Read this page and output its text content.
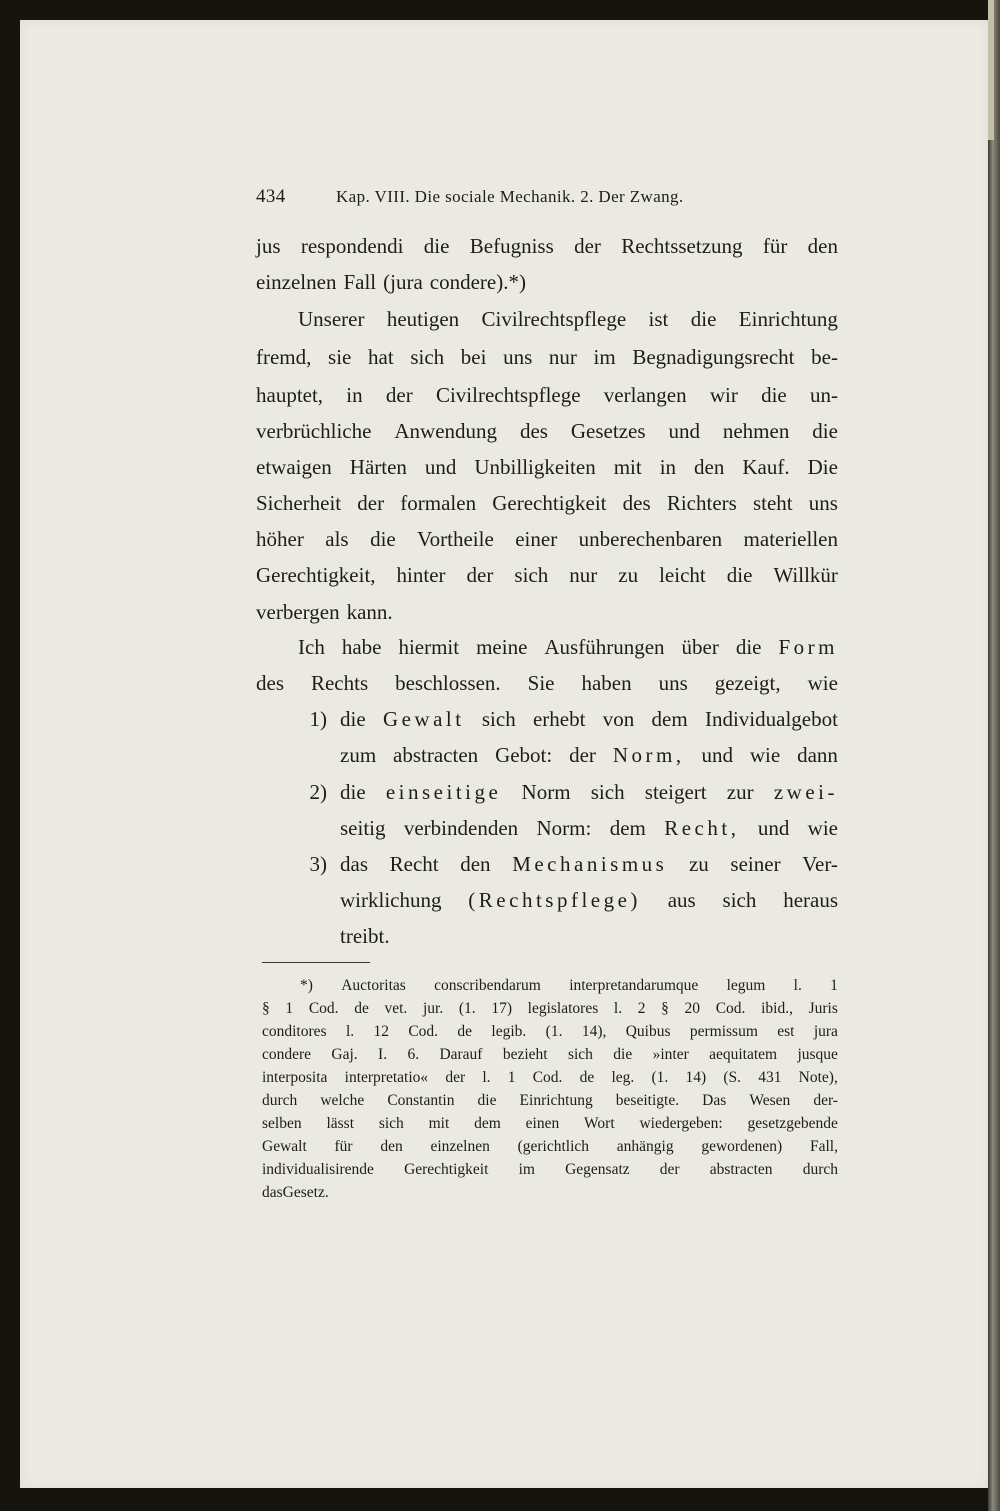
434	Kap. VIII. Die sociale Mechanik. 2. Der Zwang.
jus respondendi die Befugniss der Rechtssetzung für den
einzelnen Fall (jura condere).*)
Unserer heutigen Civilrechtspflege ist die Einrichtung
fremd, sie hat sich bei uns nur im Begnadigungsrecht be-
hauptet, in der Civilrechtspflege verlangen wir die un-
verbrüchliche Anwendung des Gesetzes und nehmen die
etwaigen Härten und Unbilligkeiten mit in den Kauf. Die
Sicherheit der formalen Gerechtigkeit des Richters steht uns
höher als die Vortheile einer unberechenbaren materiellen
Gerechtigkeit, hinter der sich nur zu leicht die Willkür
verbergen kann.
Ich habe hiermit meine Ausführungen über die Form
des Rechts beschlossen. Sie haben uns gezeigt, wie
1)
2)
3)
die Gewalt sich erhebt von dem Individualgebot
zum abstracten Gebot: der Norm, und wie dann
die einseitige Norm sich steigert zur zwei-
seitig verbindenden Norm: dem Recht, und wie
das Recht den Mechanismus zu seiner Ver-
wirklichung (Rechtspflege) aus sich heraus
treibt.
*) Auctoritas conscribendarum interpretandarumque legum l. 1
§ 1 Cod. de vet. jur. (1. 17) legislatores l. 2 § 20 Cod. ibid., Juris
conditores l. 12 Cod. de legib. (1. 14), Quibus permissum est jura
condere Gaj. I. 6. Darauf bezieht sich die »inter aequitatem jusque
interposita interpretatio« der l. 1 Cod. de leg. (1. 14) (S. 431 Note),
durch welche Constantin die Einrichtung beseitigte. Das Wesen der-
selben lässt sich mit dem einen Wort wiedergeben: gesetzgebende
Gewalt für den einzelnen (gerichtlich anhängig gewordenen) Fall,
individualisirende Gerechtigkeit im Gegensatz der abstracten durch
das Gesetz.
